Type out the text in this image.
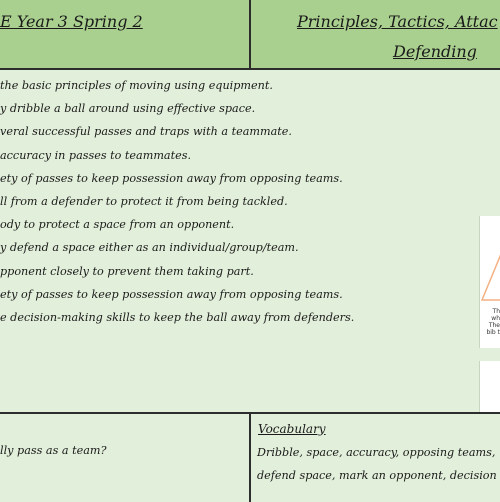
E Year 3 Spring 2	Principles, Tactics, Attac
Defending
the basic principles of moving using equipment.
y dribble a ball around using effective space.
veral successful passes and traps with a teammate.
accuracy in passes to teammates.
ety of passes to keep possession away from opposing teams.
ll from a defender to protect it from being tackled.
ody to protect a space from an opponent.
y defend a space either as an individual/group/team.
pponent closely to prevent them taking part.
ety of passes to keep possession away from opposing teams.
e decision-making skills to keep the ball away from defenders.	Th
wh
The
bib t
lly pass as a team?
Vocabulary
Dribble, space, accuracy, opposing teams,
defend space, mark an opponent, decision
